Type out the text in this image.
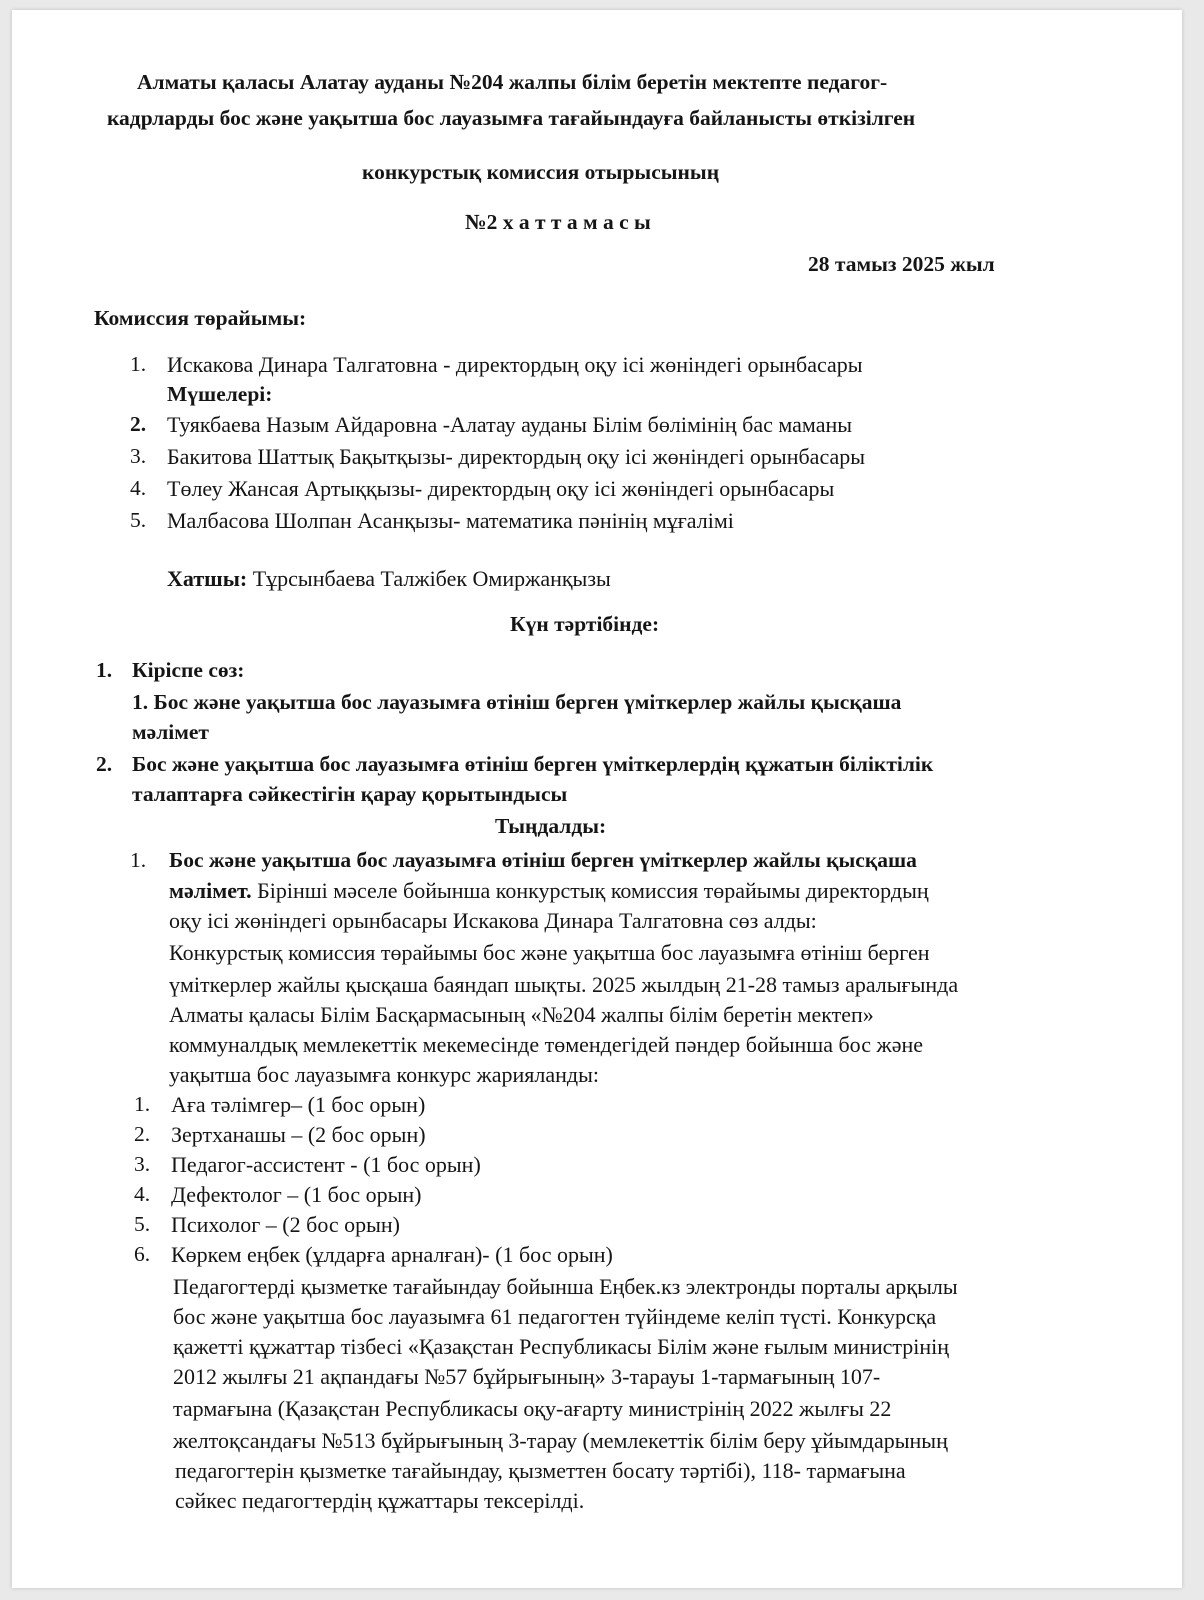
Алматы қаласы Алатау ауданы №204 жалпы білім беретін мектепте педагог-
кадрларды бос және уақытша бос лауазымға тағайындауға байланысты өткізілген
конкурстық комиссия отырысының
№2 х а т т а м а с ы
28 тамыз 2025 жыл
Комиссия төрайымы:
1. Искакова Динара Талгатовна - директордың оқу ісі жөніндегі орынбасары
Мүшелері:
2. Туякбаева Назым Айдаровна -Алатау ауданы Білім бөлімінің бас маманы
3. Бакитова Шаттық Бақытқызы- директордың оқу ісі жөніндегі орынбасары
4. Төлеу Жансая Артыққызы- директордың оқу ісі жөніндегі орынбасары
5. Малбасова Шолпан Асанқызы- математика пәнінің мұғалімі
Хатшы: Тұрсынбаева Талжібек Омиржанқызы
Күн тәртібінде:
1. Кіріспе сөз:
1. Бос және уақытша бос лауазымға өтініш берген үміткерлер жайлы қысқаша
мәлімет
2. Бос және уақытша бос лауазымға өтініш берген үміткерлердің құжатын біліктілік
талаптарға сәйкестігін қарау қорытындысы
Тыңдалды:
1. Бос және уақытша бос лауазымға өтініш берген үміткерлер жайлы қысқаша
мәлімет. Бірінші мәселе бойынша конкурстық комиссия төрайымы директордың
оқу ісі жөніндегі орынбасары Искакова Динара Талгатовна сөз алды:
Конкурстық комиссия төрайымы бос және уақытша бос лауазымға өтініш берген
үміткерлер жайлы қысқаша баяндап шықты. 2025 жылдың 21-28 тамыз аралығында
Алматы қаласы Білім Басқармасының «№204 жалпы білім беретін мектеп»
коммуналдық мемлекеттік мекемесінде төмендегідей пәндер бойынша бос және
уақытша бос лауазымға конкурс жарияланды:
1. Аға тәлімгер– (1 бос орын)
2. Зертханашы – (2 бос орын)
3. Педагог-ассистент - (1 бос орын)
4. Дефектолог – (1 бос орын)
5. Психолог – (2 бос орын)
6. Көркем еңбек (ұлдарға арналған)- (1 бос орын)
Педагогтерді қызметке тағайындау бойынша Еңбек.кз электронды порталы арқылы
бос және уақытша бос лауазымға 61 педагогтен түйіндеме келіп түсті. Конкурсқа
қажетті құжаттар тізбесі «Қазақстан Республикасы Білім және ғылым министрінің
2012 жылғы 21 ақпандағы №57 бұйрығының» 3-тарауы 1-тармағының 107-
тармағына (Қазақстан Республикасы оқу-ағарту министрінің 2022 жылғы 22
желтоқсандағы №513 бұйрығының 3-тарау (мемлекеттік білім беру ұйымдарының
педагогтерін қызметке тағайындау, қызметтен босату тәртібі), 118- тармағына
сәйкес педагогтердің құжаттары тексерілді.
